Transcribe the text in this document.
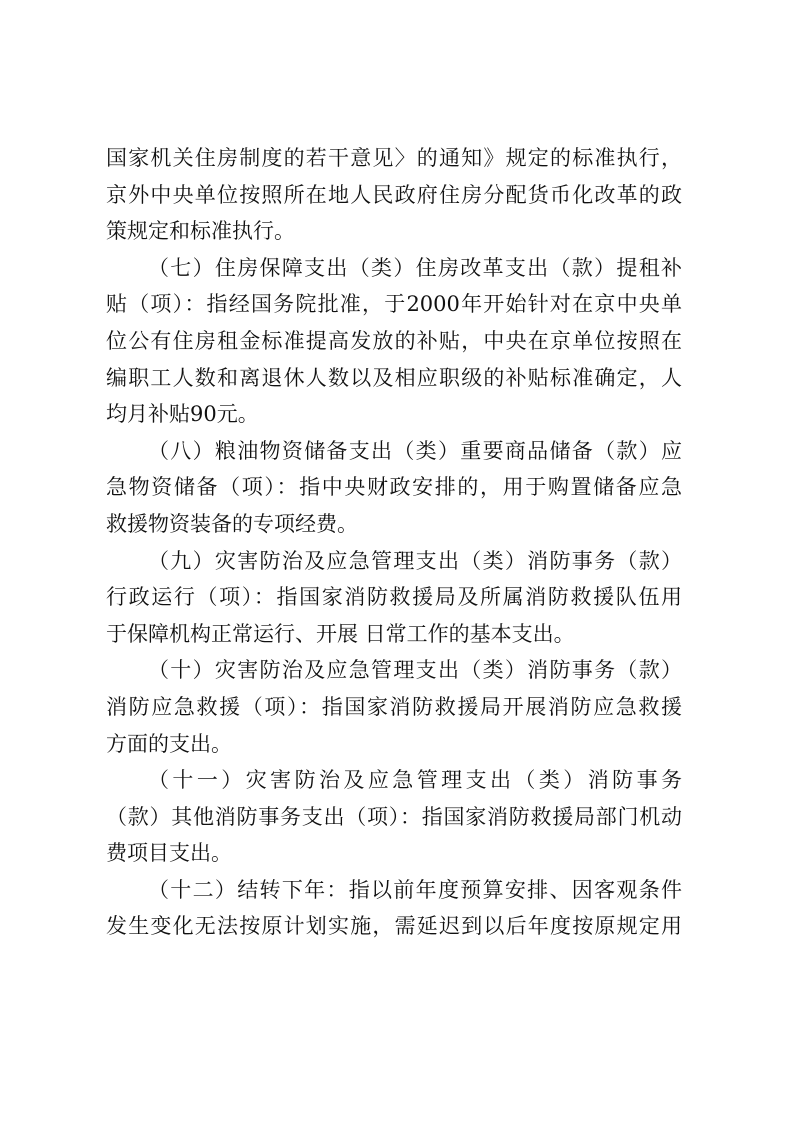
国家机关住房制度的若干意见〉的通知》规定的标准执行，
京外中央单位按照所在地人民政府住房分配货币化改革的政
策规定和标准执行。
（七）住房保障支出（类）住房改革支出（款）提租补
贴（项）：指经国务院批准，于2000年开始针对在京中央单
位公有住房租金标准提高发放的补贴，中央在京单位按照在
编职工人数和离退休人数以及相应职级的补贴标准确定，人
均月补贴90元。
（八）粮油物资储备支出（类）重要商品储备（款）应
急物资储备（项）：指中央财政安排的，用于购置储备应急
救援物资装备的专项经费。
（九）灾害防治及应急管理支出（类）消防事务（款）
行政运行（项）：指国家消防救援局及所属消防救援队伍用
于保障机构正常运行、开展 日常工作的基本支出。
（十）灾害防治及应急管理支出（类）消防事务（款）
消防应急救援（项）：指国家消防救援局开展消防应急救援
方面的支出。
（十一）灾害防治及应急管理支出（类）消防事务
（款）其他消防事务支出（项）：指国家消防救援局部门机动
费项目支出。
（十二）结转下年：指以前年度预算安排、因客观条件
发生变化无法按原计划实施，需延迟到以后年度按原规定用
